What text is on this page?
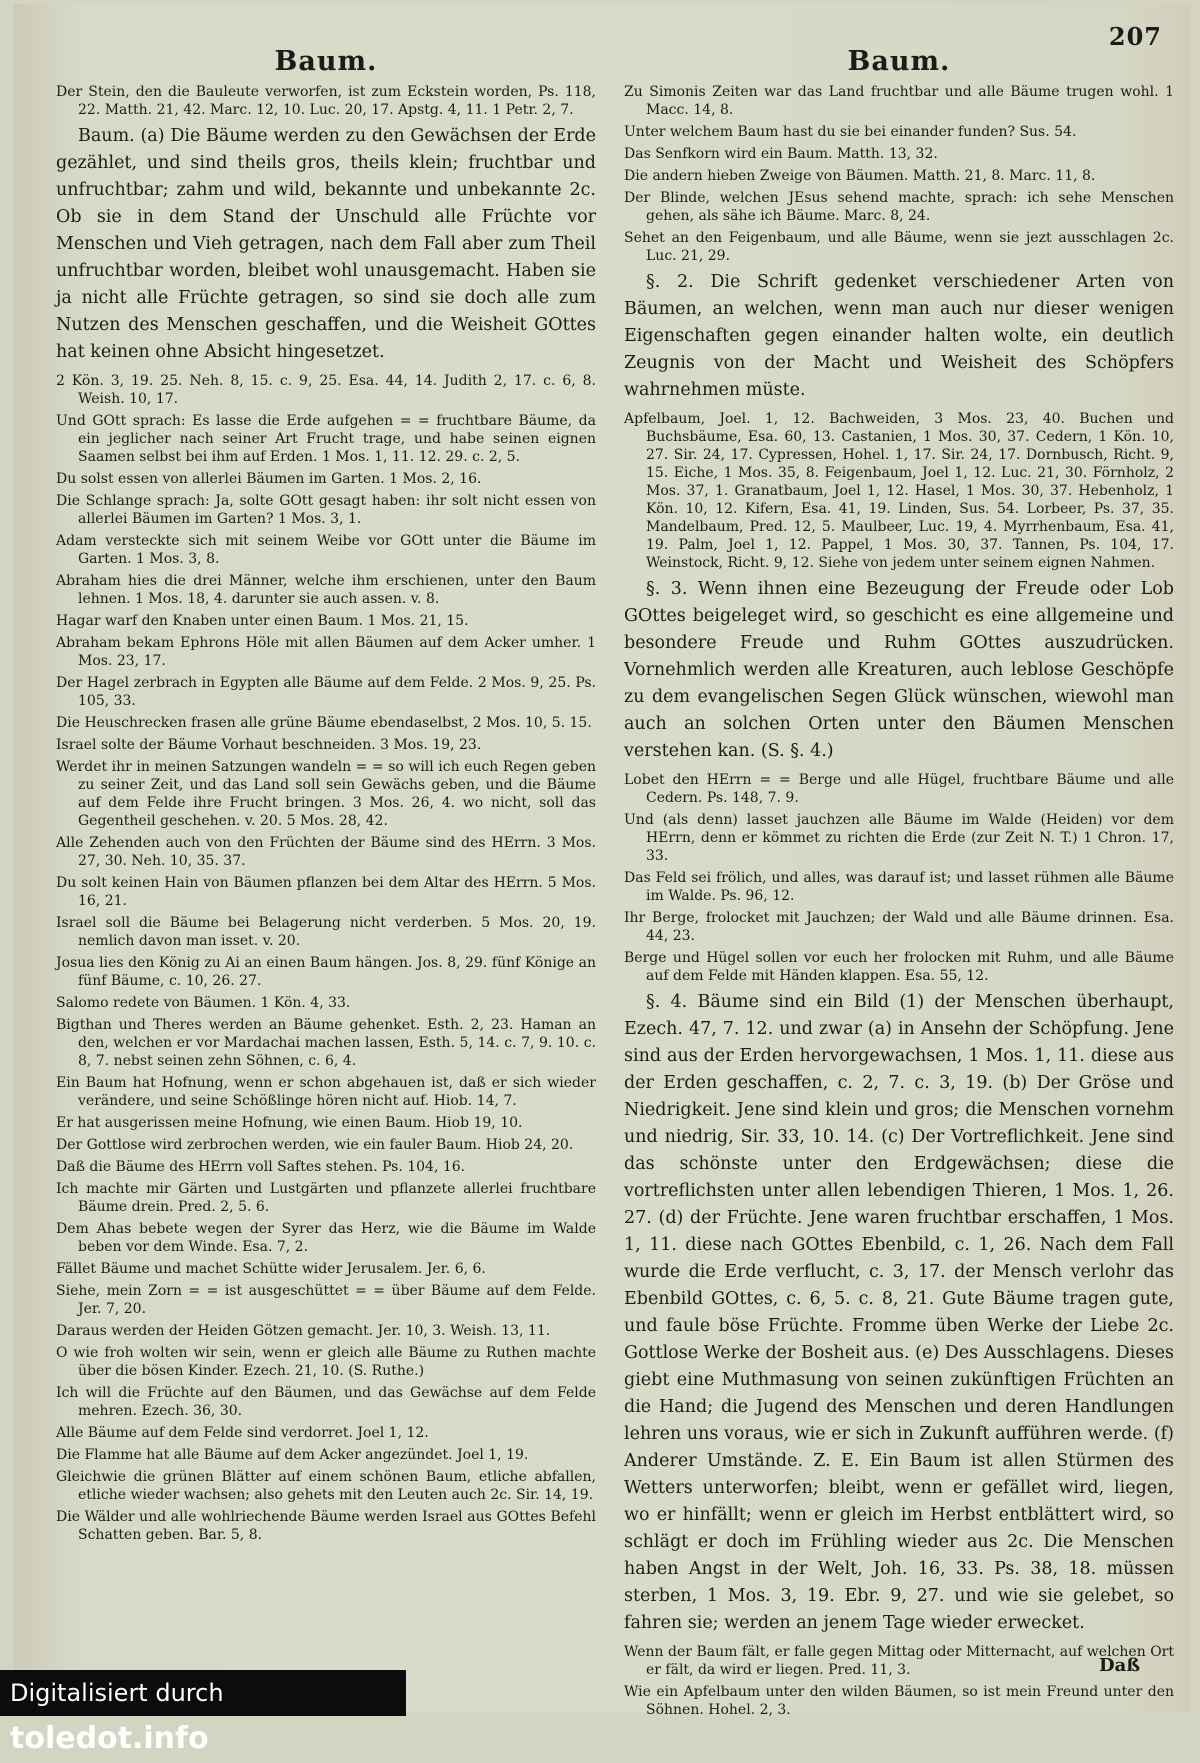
207
Baum.

Der Stein, den die Bauleute verworfen, ist zum Eckstein worden, Ps. 118, 22. Matth. 21, 42. Marc. 12, 10. Luc. 20, 17. Apstg. 4, 11. 1 Petr. 2, 7.

Baum. (a) Die Bäume werden zu den Gewächsen der Erde gezählet, und sind theils gros, theils klein; fruchtbar und unfruchtbar; zahm und wild, bekannte und unbekannte 2c. Ob sie in dem Stand der Unschuld alle Früchte vor Menschen und Vieh getragen, nach dem Fall aber zum Theil unfruchtbar worden, bleibet wohl unausgemacht. Haben sie ja nicht alle Früchte getragen, so sind sie doch alle zum Nutzen des Menschen geschaffen, und die Weisheit GOttes hat keinen ohne Absicht hingesetzet.

2 Kön. 3, 19. 25. Neh. 8, 15. c. 9, 25. Esa. 44, 14. Judith 2, 17. c. 6, 8. Weish. 10, 17.

Und GOtt sprach: Es lasse die Erde aufgehen = = fruchtbare Bäume, da ein jeglicher nach seiner Art Frucht trage, und habe seinen eignen Saamen selbst bei ihm auf Erden. 1 Mos. 1, 11. 12. 29. c. 2, 5.

Du solst essen von allerlei Bäumen im Garten. 1 Mos. 2, 16.

Die Schlange sprach: Ja, solte GOtt gesagt haben: ihr solt nicht essen von allerlei Bäumen im Garten? 1 Mos. 3, 1.

Adam versteckte sich mit seinem Weibe vor GOtt unter die Bäume im Garten. 1 Mos. 3, 8.

Abraham hies die drei Männer, welche ihm erschienen, unter den Baum lehnen. 1 Mos. 18, 4. darunter sie auch assen. v. 8.

Hagar warf den Knaben unter einen Baum. 1 Mos. 21, 15.

Abraham bekam Ephrons Höle mit allen Bäumen auf dem Acker umher. 1 Mos. 23, 17.

Der Hagel zerbrach in Egypten alle Bäume auf dem Felde. 2 Mos. 9, 25. Ps. 105, 33.

Die Heuschrecken frasen alle grüne Bäume ebendaselbst, 2 Mos. 10, 5. 15.

Israel solte der Bäume Vorhaut beschneiden. 3 Mos. 19, 23.

Werdet ihr in meinen Satzungen wandeln = = so will ich euch Regen geben zu seiner Zeit, und das Land soll sein Gewächs geben, und die Bäume auf dem Felde ihre Frucht bringen. 3 Mos. 26, 4. wo nicht, soll das Gegentheil geschehen. v. 20. 5 Mos. 28, 42.

Alle Zehenden auch von den Früchten der Bäume sind des HErrn. 3 Mos. 27, 30. Neh. 10, 35. 37.

Du solt keinen Hain von Bäumen pflanzen bei dem Altar des HErrn. 5 Mos. 16, 21.

Israel soll die Bäume bei Belagerung nicht verderben. 5 Mos. 20, 19. nemlich davon man isset. v. 20.

Josua lies den König zu Ai an einen Baum hängen. Jos. 8, 29. fünf Könige an fünf Bäume, c. 10, 26. 27.

Salomo redete von Bäumen. 1 Kön. 4, 33.

Bigthan und Theres werden an Bäume gehenket. Esth. 2, 23. Haman an den, welchen er vor Mardachai machen lassen, Esth. 5, 14. c. 7, 9. 10. c. 8, 7. nebst seinen zehn Söhnen, c. 6, 4.

Ein Baum hat Hofnung, wenn er schon abgehauen ist, daß er sich wieder verändere, und seine Schößlinge hören nicht auf. Hiob. 14, 7.

Er hat ausgerissen meine Hofnung, wie einen Baum. Hiob 19, 10.

Der Gottlose wird zerbrochen werden, wie ein fauler Baum. Hiob 24, 20.

Daß die Bäume des HErrn voll Saftes stehen. Ps. 104, 16.

Ich machte mir Gärten und Lustgärten und pflanzete allerlei fruchtbare Bäume drein. Pred. 2, 5. 6.

Dem Ahas bebete wegen der Syrer das Herz, wie die Bäume im Walde beben vor dem Winde. Esa. 7, 2.

Fället Bäume und machet Schütte wider Jerusalem. Jer. 6, 6.

Siehe, mein Zorn = = ist ausgeschüttet = = über Bäume auf dem Felde. Jer. 7, 20.

Daraus werden der Heiden Götzen gemacht. Jer. 10, 3. Weish. 13, 11.

O wie froh wolten wir sein, wenn er gleich alle Bäume zu Ruthen machte über die bösen Kinder. Ezech. 21, 10. (S. Ruthe.)

Ich will die Früchte auf den Bäumen, und das Gewächse auf dem Felde mehren. Ezech. 36, 30.

Alle Bäume auf dem Felde sind verdorret. Joel 1, 12.

Die Flamme hat alle Bäume auf dem Acker angezündet. Joel 1, 19.

Gleichwie die grünen Blätter auf einem schönen Baum, etliche abfallen, etliche wieder wachsen; also gehets mit den Leuten auch 2c. Sir. 14, 19.

Die Wälder und alle wohlriechende Bäume werden Israel aus GOttes Befehl Schatten geben. Bar. 5, 8.

Baum.

Zu Simonis Zeiten war das Land fruchtbar und alle Bäume trugen wohl. 1 Macc. 14, 8.

Unter welchem Baum hast du sie bei einander funden? Sus. 54.

Das Senfkorn wird ein Baum. Matth. 13, 32.

Die andern hieben Zweige von Bäumen. Matth. 21, 8. Marc. 11, 8.

Der Blinde, welchen JEsus sehend machte, sprach: ich sehe Menschen gehen, als sähe ich Bäume. Marc. 8, 24.

Sehet an den Feigenbaum, und alle Bäume, wenn sie jezt ausschlagen 2c. Luc. 21, 29.

§. 2. Die Schrift gedenket verschiedener Arten von Bäumen, an welchen, wenn man auch nur dieser wenigen Eigenschaften gegen einander halten wolte, ein deutlich Zeugnis von der Macht und Weisheit des Schöpfers wahrnehmen müste.

Apfelbaum, Joel. 1, 12. Bachweiden, 3 Mos. 23, 40. Buchen und Buchsbäume, Esa. 60, 13. Castanien, 1 Mos. 30, 37. Cedern, 1 Kön. 10, 27. Sir. 24, 17. Cypressen, Hohel. 1, 17. Sir. 24, 17. Dornbusch, Richt. 9, 15. Eiche, 1 Mos. 35, 8. Feigenbaum, Joel 1, 12. Luc. 21, 30. Förnholz, 2 Mos. 37, 1. Granatbaum, Joel 1, 12. Hasel, 1 Mos. 30, 37. Hebenholz, 1 Kön. 10, 12. Kifern, Esa. 41, 19. Linden, Sus. 54. Lorbeer, Ps. 37, 35. Mandelbaum, Pred. 12, 5. Maulbeer, Luc. 19, 4. Myrrhenbaum, Esa. 41, 19. Palm, Joel 1, 12. Pappel, 1 Mos. 30, 37. Tannen, Ps. 104, 17. Weinstock, Richt. 9, 12. Siehe von jedem unter seinem eignen Nahmen.

§. 3. Wenn ihnen eine Bezeugung der Freude oder Lob GOttes beigeleget wird, so geschicht es eine allgemeine und besondere Freude und Ruhm GOttes auszudrücken. Vornehmlich werden alle Kreaturen, auch leblose Geschöpfe zu dem evangelischen Segen Glück wünschen, wiewohl man auch an solchen Orten unter den Bäumen Menschen verstehen kan. (S. §. 4.)

Lobet den HErrn = = Berge und alle Hügel, fruchtbare Bäume und alle Cedern. Ps. 148, 7. 9.

Und (als denn) lasset jauchzen alle Bäume im Walde (Heiden) vor dem HErrn, denn er kömmet zu richten die Erde (zur Zeit N. T.) 1 Chron. 17, 33.

Das Feld sei frölich, und alles, was darauf ist; und lasset rühmen alle Bäume im Walde. Ps. 96, 12.

Ihr Berge, frolocket mit Jauchzen; der Wald und alle Bäume drinnen. Esa. 44, 23.

Berge und Hügel sollen vor euch her frolocken mit Ruhm, und alle Bäume auf dem Felde mit Händen klappen. Esa. 55, 12.

§. 4. Bäume sind ein Bild (1) der Menschen überhaupt, Ezech. 47, 7. 12. und zwar (a) in Ansehn der Schöpfung. Jene sind aus der Erden hervorgewachsen, 1 Mos. 1, 11. diese aus der Erden geschaffen, c. 2, 7. c. 3, 19. (b) Der Gröse und Niedrigkeit. Jene sind klein und gros; die Menschen vornehm und niedrig, Sir. 33, 10. 14. (c) Der Vortreflichkeit. Jene sind das schönste unter den Erdgewächsen; diese die vortreflichsten unter allen lebendigen Thieren, 1 Mos. 1, 26. 27. (d) der Früchte. Jene waren fruchtbar erschaffen, 1 Mos. 1, 11. diese nach GOttes Ebenbild, c. 1, 26. Nach dem Fall wurde die Erde verflucht, c. 3, 17. der Mensch verlohr das Ebenbild GOttes, c. 6, 5. c. 8, 21. Gute Bäume tragen gute, und faule böse Früchte. Fromme üben Werke der Liebe 2c. Gottlose Werke der Bosheit aus. (e) Des Ausschlagens. Dieses giebt eine Muthmasung von seinen zukünftigen Früchten an die Hand; die Jugend des Menschen und deren Handlungen lehren uns voraus, wie er sich in Zukunft aufführen werde. (f) Anderer Umstände. Z. E. Ein Baum ist allen Stürmen des Wetters unterworfen; bleibt, wenn er gefället wird, liegen, wo er hinfällt; wenn er gleich im Herbst entblättert wird, so schlägt er doch im Frühling wieder aus 2c. Die Menschen haben Angst in der Welt, Joh. 16, 33. Ps. 38, 18. müssen sterben, 1 Mos. 3, 19. Ebr. 9, 27. und wie sie gelebet, so fahren sie; werden an jenem Tage wieder erwecket.

Wenn der Baum fält, er falle gegen Mittag oder Mitternacht, auf welchen Ort er fält, da wird er liegen. Pred. 11, 3.

Wie ein Apfelbaum unter den wilden Bäumen, so ist mein Freund unter den Söhnen. Hohel. 2, 3.

Daß
Digitalisiert durch toledot.info
